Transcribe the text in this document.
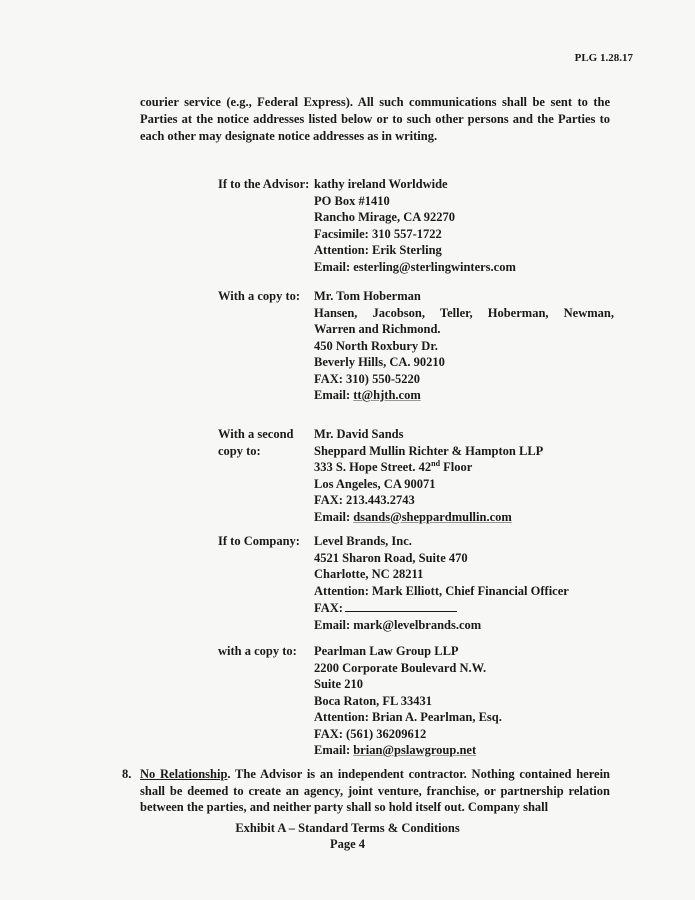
PLG 1.28.17
courier service (e.g., Federal Express). All such communications shall be sent to the Parties at the notice addresses listed below or to such other persons and the Parties to each other may designate notice addresses as in writing.
If to the Advisor: kathy ireland Worldwide
PO Box #1410
Rancho Mirage, CA 92270
Facsimile: 310 557-1722
Attention: Erik Sterling
Email: esterling@sterlingwinters.com
With a copy to:	Mr. Tom Hoberman
Hansen, Jacobson, Teller, Hoberman, Newman,
Warren and Richmond.
450 North Roxbury Dr.
Beverly Hills, CA. 90210
FAX: 310) 550-5220
Email: tt@hjth.com
With a second copy to:
Mr. David Sands
Sheppard Mullin Richter & Hampton LLP
333 S. Hope Street. 42nd Floor
Los Angeles, CA 90071
FAX: 213.443.2743
Email: dsands@sheppardmullin.com
If to Company:	Level Brands, Inc.
4521 Sharon Road, Suite 470
Charlotte, NC 28211
Attention: Mark Elliott, Chief Financial Officer
FAX:
Email: mark@levelbrands.com
with a copy to:	Pearlman Law Group LLP
2200 Corporate Boulevard N.W.
Suite 210
Boca Raton, FL 33431
Attention: Brian A. Pearlman, Esq.
FAX: (561) 36209612
Email: brian@pslawgroup.net
8. No Relationship. The Advisor is an independent contractor. Nothing contained herein shall be deemed to create an agency, joint venture, franchise, or partnership relation between the parties, and neither party shall so hold itself out. Company shall
Exhibit A – Standard Terms & Conditions
Page 4
